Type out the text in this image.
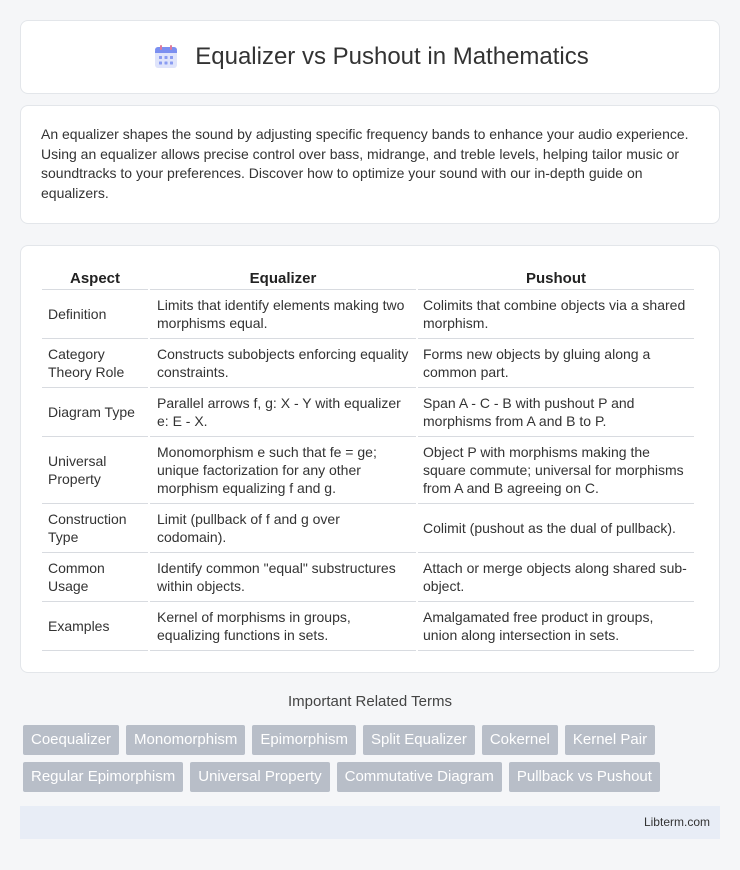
Equalizer vs Pushout in Mathematics

An equalizer shapes the sound by adjusting specific frequency bands to enhance your audio experience. Using an equalizer allows precise control over bass, midrange, and treble levels, helping tailor music or soundtracks to your preferences. Discover how to optimize your sound with our in-depth guide on equalizers.

Aspect	Equalizer	Pushout
Definition	Limits that identify elements making two morphisms equal.	Colimits that combine objects via a shared morphism.
Category Theory Role	Constructs subobjects enforcing equality constraints.	Forms new objects by gluing along a common part.
Diagram Type	Parallel arrows f, g: X - Y with equalizer e: E - X.	Span A - C - B with pushout P and morphisms from A and B to P.
Universal Property	Monomorphism e such that fe = ge; unique factorization for any other morphism equalizing f and g.	Object P with morphisms making the square commute; universal for morphisms from A and B agreeing on C.
Construction Type	Limit (pullback of f and g over codomain).	Colimit (pushout as the dual of pullback).
Common Usage	Identify common "equal" substructures within objects.	Attach or merge objects along shared sub-object.
Examples	Kernel of morphisms in groups, equalizing functions in sets.	Amalgamated free product in groups, union along intersection in sets.
Important Related Terms
Coequalizer	Monomorphism	Epimorphism	Split Equalizer	Cokernel	Kernel Pair
Regular Epimorphism	Universal Property	Commutative Diagram	Pullback vs Pushout
Libterm.com
